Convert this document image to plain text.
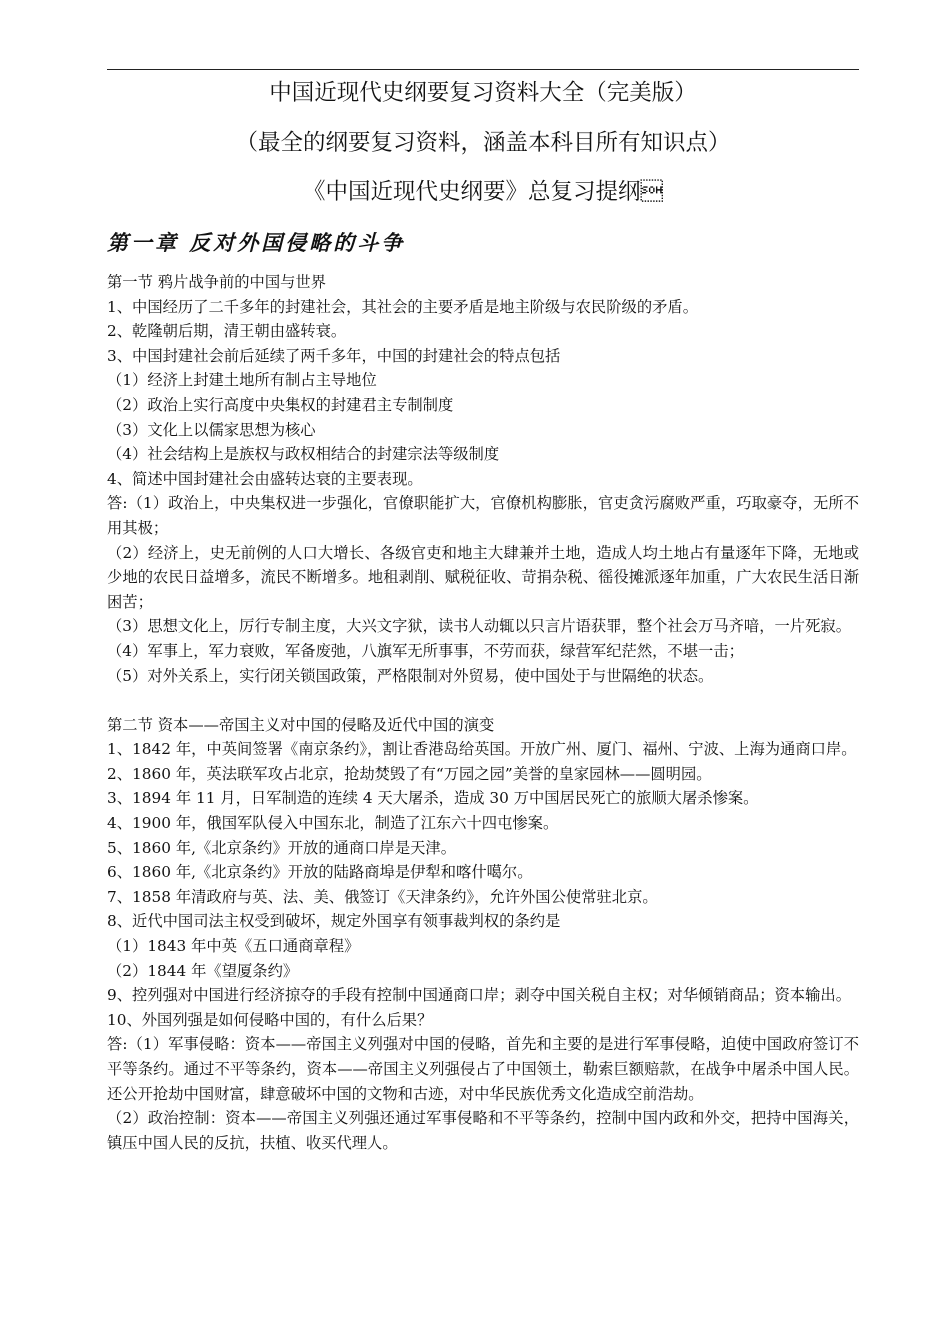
中国近现代史纲要复习资料大全（完美版）
（最全的纲要复习资料，涵盖本科目所有知识点）
《中国近现代史纲要》总复习提纲
第一章 反对外国侵略的斗争

第一节 鸦片战争前的中国与世界

1、中国经历了二千多年的封建社会，其社会的主要矛盾是地主阶级与农民阶级的矛盾。

2、乾隆朝后期，清王朝由盛转衰。

3、中国封建社会前后延续了两千多年，中国的封建社会的特点包括

（1）经济上封建土地所有制占主导地位

（2）政治上实行高度中央集权的封建君主专制制度

（3）文化上以儒家思想为核心

（4）社会结构上是族权与政权相结合的封建宗法等级制度

4、简述中国封建社会由盛转达衰的主要表现。

答:（1）政治上，中央集权进一步强化，官僚职能扩大，官僚机构膨胀，官吏贪污腐败严重，巧取豪夺，无所不用其极；

（2）经济上，史无前例的人口大增长、各级官吏和地主大肆兼并土地，造成人均土地占有量逐年下降，无地或少地的农民日益增多，流民不断增多。地租剥削、赋税征收、苛捐杂税、徭役摊派逐年加重，广大农民生活日渐困苦；

（3）思想文化上，厉行专制主度，大兴文字狱，读书人动辄以只言片语获罪，整个社会万马齐喑，一片死寂。

（4）军事上，军力衰败，军备废弛，八旗军无所事事，不劳而获，绿营军纪茫然，不堪一击；

（5）对外关系上，实行闭关锁国政策，严格限制对外贸易，使中国处于与世隔绝的状态。

第二节 资本——帝国主义对中国的侵略及近代中国的演变

1、1842 年，中英间签署《南京条约》，割让香港岛给英国。开放广州、厦门、福州、宁波、上海为通商口岸。

2、1860 年，英法联军攻占北京，抢劫焚毁了有“万园之园”美誉的皇家园林——圆明园。

3、1894 年 11 月，日军制造的连续 4 天大屠杀，造成 30 万中国居民死亡的旅顺大屠杀惨案。

4、1900 年，俄国军队侵入中国东北，制造了江东六十四屯惨案。

5、1860 年,《北京条约》开放的通商口岸是天津。

6、1860 年,《北京条约》开放的陆路商埠是伊犁和喀什噶尔。

7、1858 年清政府与英、法、美、俄签订《天津条约》，允许外国公使常驻北京。

8、近代中国司法主权受到破坏，规定外国享有领事裁判权的条约是

（1）1843 年中英《五口通商章程》

（2）1844 年《望厦条约》

9、控列强对中国进行经济掠夺的手段有控制中国通商口岸；剥夺中国关税自主权；对华倾销商品；资本输出。

10、外国列强是如何侵略中国的，有什么后果？

答:（1）军事侵略：资本——帝国主义列强对中国的侵略，首先和主要的是进行军事侵略，迫使中国政府签订不平等条约。通过不平等条约，资本——帝国主义列强侵占了中国领土，勒索巨额赔款，在战争中屠杀中国人民。还公开抢劫中国财富，肆意破坏中国的文物和古迹，对中华民族优秀文化造成空前浩劫。

（2）政治控制：资本——帝国主义列强还通过军事侵略和不平等条约，控制中国内政和外交，把持中国海关，镇压中国人民的反抗，扶植、收买代理人。
